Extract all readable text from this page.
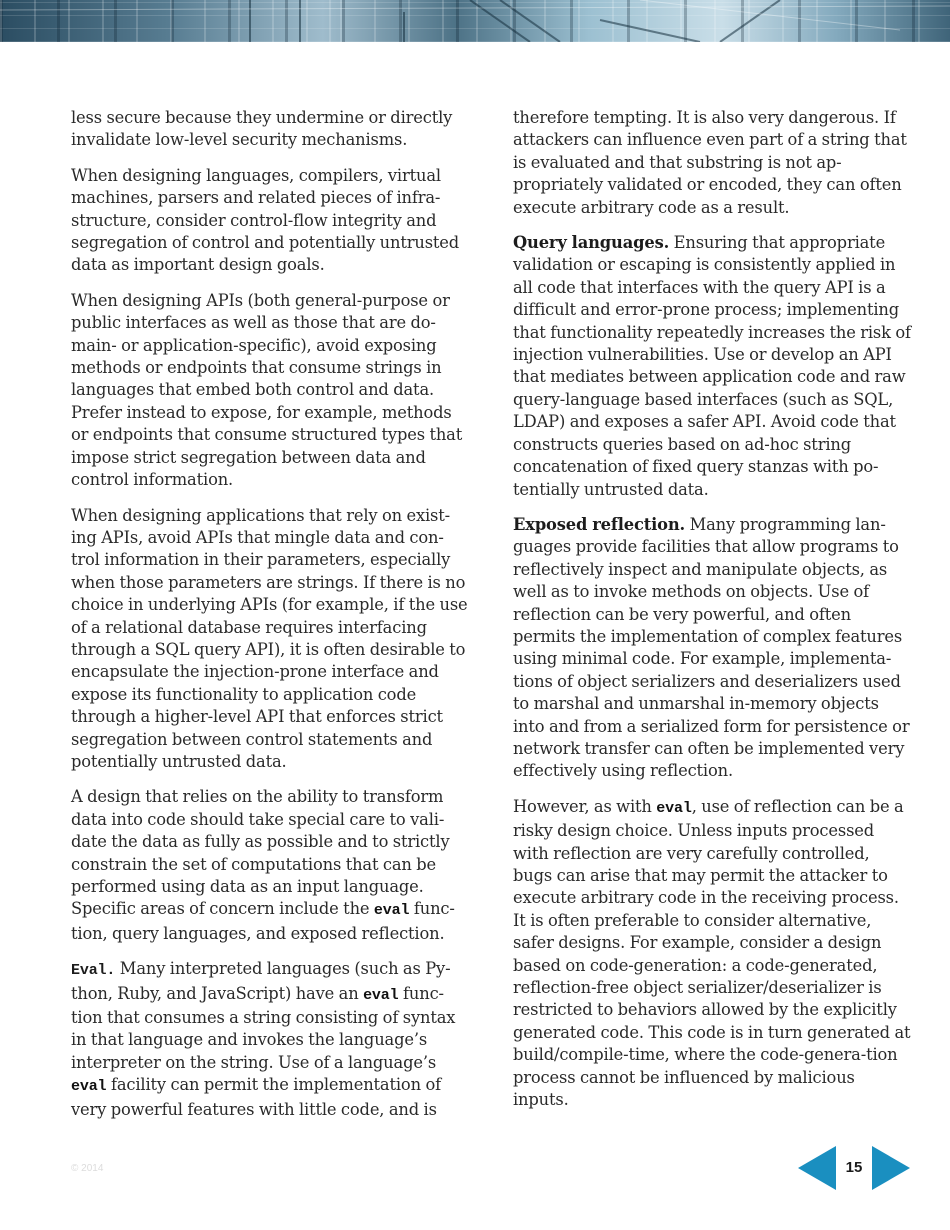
less secure because they undermine or directly invalidate low-level security mechanisms.

When designing languages, compilers, virtual machines, parsers and related pieces of infra-structure, consider control-flow integrity and segregation of control and potentially untrusted data as important design goals.

When designing APIs (both general-purpose or public interfaces as well as those that are do-main- or application-specific), avoid exposing methods or endpoints that consume strings in languages that embed both control and data. Prefer instead to expose, for example, methods or endpoints that consume structured types that impose strict segregation between data and control information.

When designing applications that rely on exist-ing APIs, avoid APIs that mingle data and con-trol information in their parameters, especially when those parameters are strings. If there is no choice in underlying APIs (for example, if the use of a relational database requires interfacing through a SQL query API), it is often desirable to encapsulate the injection-prone interface and expose its functionality to application code through a higher-level API that enforces strict segregation between control statements and potentially untrusted data.

A design that relies on the ability to transform data into code should take special care to vali-date the data as fully as possible and to strictly constrain the set of computations that can be performed using data as an input language. Specific areas of concern include the eval func-tion, query languages, and exposed reflection.

Eval. Many interpreted languages (such as Py-thon, Ruby, and JavaScript) have an eval func-tion that consumes a string consisting of syntax in that language and invokes the language’s interpreter on the string. Use of a language’s eval facility can permit the implementation of very powerful features with little code, and is

therefore tempting. It is also very dangerous. If attackers can influence even part of a string that is evaluated and that substring is not ap-propriately validated or encoded, they can often execute arbitrary code as a result.

Query languages. Ensuring that appropriate validation or escaping is consistently applied in all code that interfaces with the query API is a difficult and error-prone process; implementing that functionality repeatedly increases the risk of injection vulnerabilities. Use or develop an API that mediates between application code and raw query-language based interfaces (such as SQL, LDAP) and exposes a safer API. Avoid code that constructs queries based on ad-hoc string concatenation of fixed query stanzas with po-tentially untrusted data.

Exposed reflection. Many programming lan-guages provide facilities that allow programs to reflectively inspect and manipulate objects, as well as to invoke methods on objects. Use of reflection can be very powerful, and often permits the implementation of complex features using minimal code. For example, implementa-tions of object serializers and deserializers used to marshal and unmarshal in-memory objects into and from a serialized form for persistence or network transfer can often be implemented very effectively using reflection.

However, as with eval, use of reflection can be a risky design choice. Unless inputs processed with reflection are very carefully controlled, bugs can arise that may permit the attacker to execute arbitrary code in the receiving process. It is often preferable to consider alternative, safer designs. For example, consider a design based on code-generation: a code-generated, reflection-free object serializer/deserializer is restricted to behaviors allowed by the explicitly generated code. This code is in turn generated at build/compile-time, where the code-genera-tion process cannot be influenced by malicious inputs.

© 2014	15
